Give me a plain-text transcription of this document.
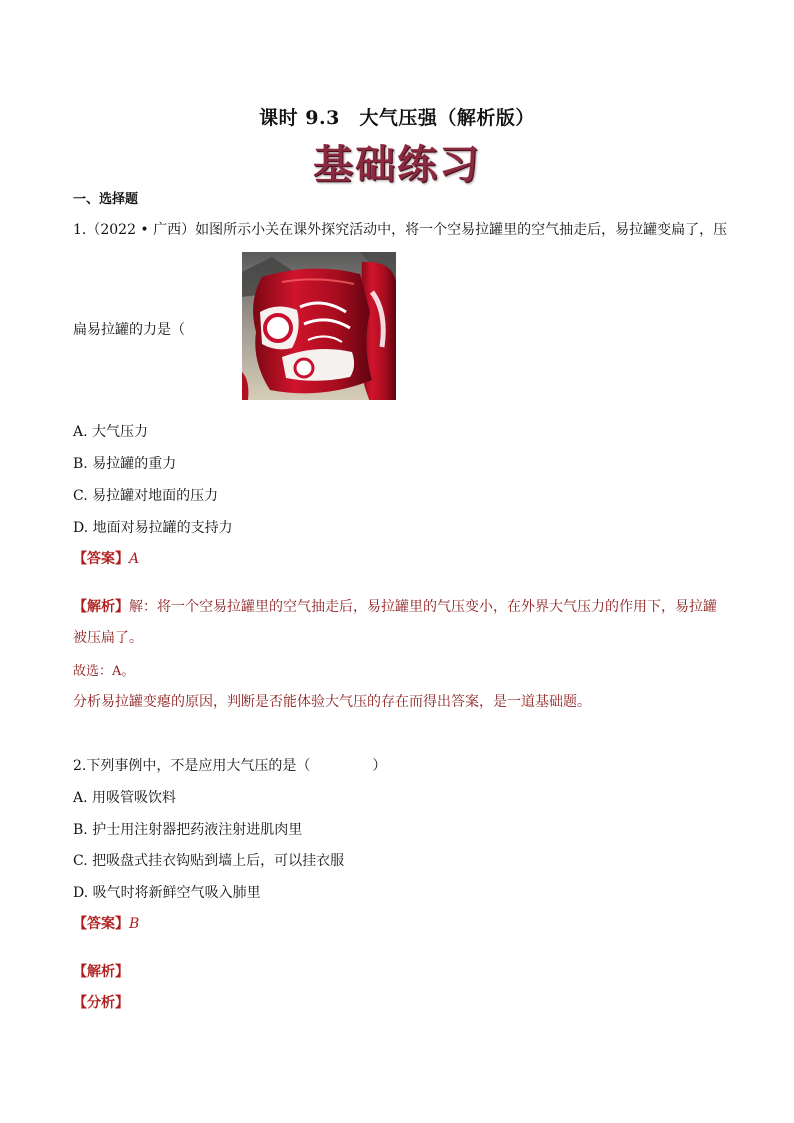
课时 9.3　大气压强（解析版）
基础练习
一、选择题
1.（2022 • 广西）如图所示小关在课外探究活动中，将一个空易拉罐里的空气抽走后，易拉罐变扁了，压
扁易拉罐的力是（
A. 大气压力
B. 易拉罐的重力
C. 易拉罐对地面的压力
D. 地面对易拉罐的支持力
【答案】A
【解析】解：将一个空易拉罐里的空气抽走后，易拉罐里的气压变小，在外界大气压力的作用下，易拉罐
被压扁了。
故选：A。
分析易拉罐变瘪的原因，判断是否能体验大气压的存在而得出答案，是一道基础题。
2.下列事例中，不是应用大气压的是（	）
A. 用吸管吸饮料
B. 护士用注射器把药液注射进肌肉里
C. 把吸盘式挂衣钩贴到墙上后，可以挂衣服
D. 吸气时将新鲜空气吸入肺里
【答案】B
【解析】
【分析】
